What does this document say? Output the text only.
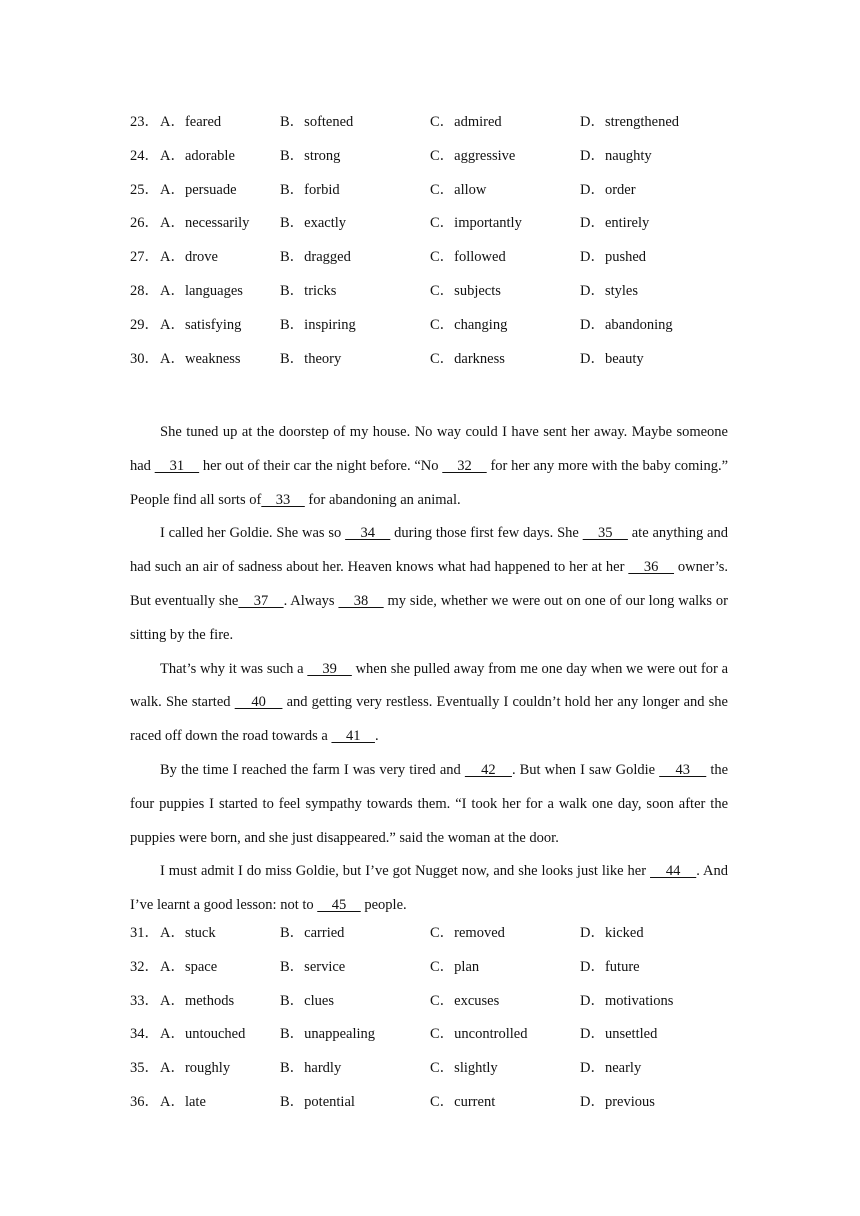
23． A．feared	B．softened	C．admired	D．strengthened
24． A．adorable	B．strong	C．aggressive	D．naughty
25． A．persuade	B．forbid	C．allow	D．order
26． A．necessarily B．exactly	C．importantly	D．entirely
27． A．drove	B．dragged	C．followed	D．pushed
28． A．languages	B．tricks	C．subjects	D．styles
29． A．satisfying	B．inspiring	C．changing	D．abandoning
30． A．weakness	B．theory	C．darkness	D．beauty

She tuned up at the doorstep of my house. No way could I have sent her away. Maybe someone had     31     her out of their car the night before. “No     32     for her any more with the baby coming.” People find all sorts of    33     for abandoning an animal.

I called her Goldie. She was so     34     during those first few days. She     35     ate anything and had such an air of sadness about her. Heaven knows what had happened to her at her     36     owner’s. But eventually she    37    . Always     38     my side, whether we were out on one of our long walks or sitting by the fire.

That’s why it was such a     39     when she pulled away from me one day when we were out for a walk. She started     40     and getting very restless. Eventually I couldn’t hold her any longer and she raced off down the road towards a     41    .

By the time I reached the farm I was very tired and     42    . But when I saw Goldie     43     the four puppies I started to feel sympathy towards them. “I took her for a walk one day, soon after the puppies were born, and she just disappeared.” said the woman at the door.

I must admit I do miss Goldie, but I’ve got Nugget now, and she looks just like her     44    . And I’ve learnt a good lesson: not to     45     people.

31． A．stuck	B．carried	C．removed	D．kicked
32． A．space	B．service	C．plan	D．future
33． A．methods	B．clues	C．excuses	D．motivations
34． A．untouched B．unappealing	C．uncontrolled	D．unsettled
35． A．roughly	B．hardly	C．slightly	D．nearly
36． A．late	B．potential	C．current	D．previous
